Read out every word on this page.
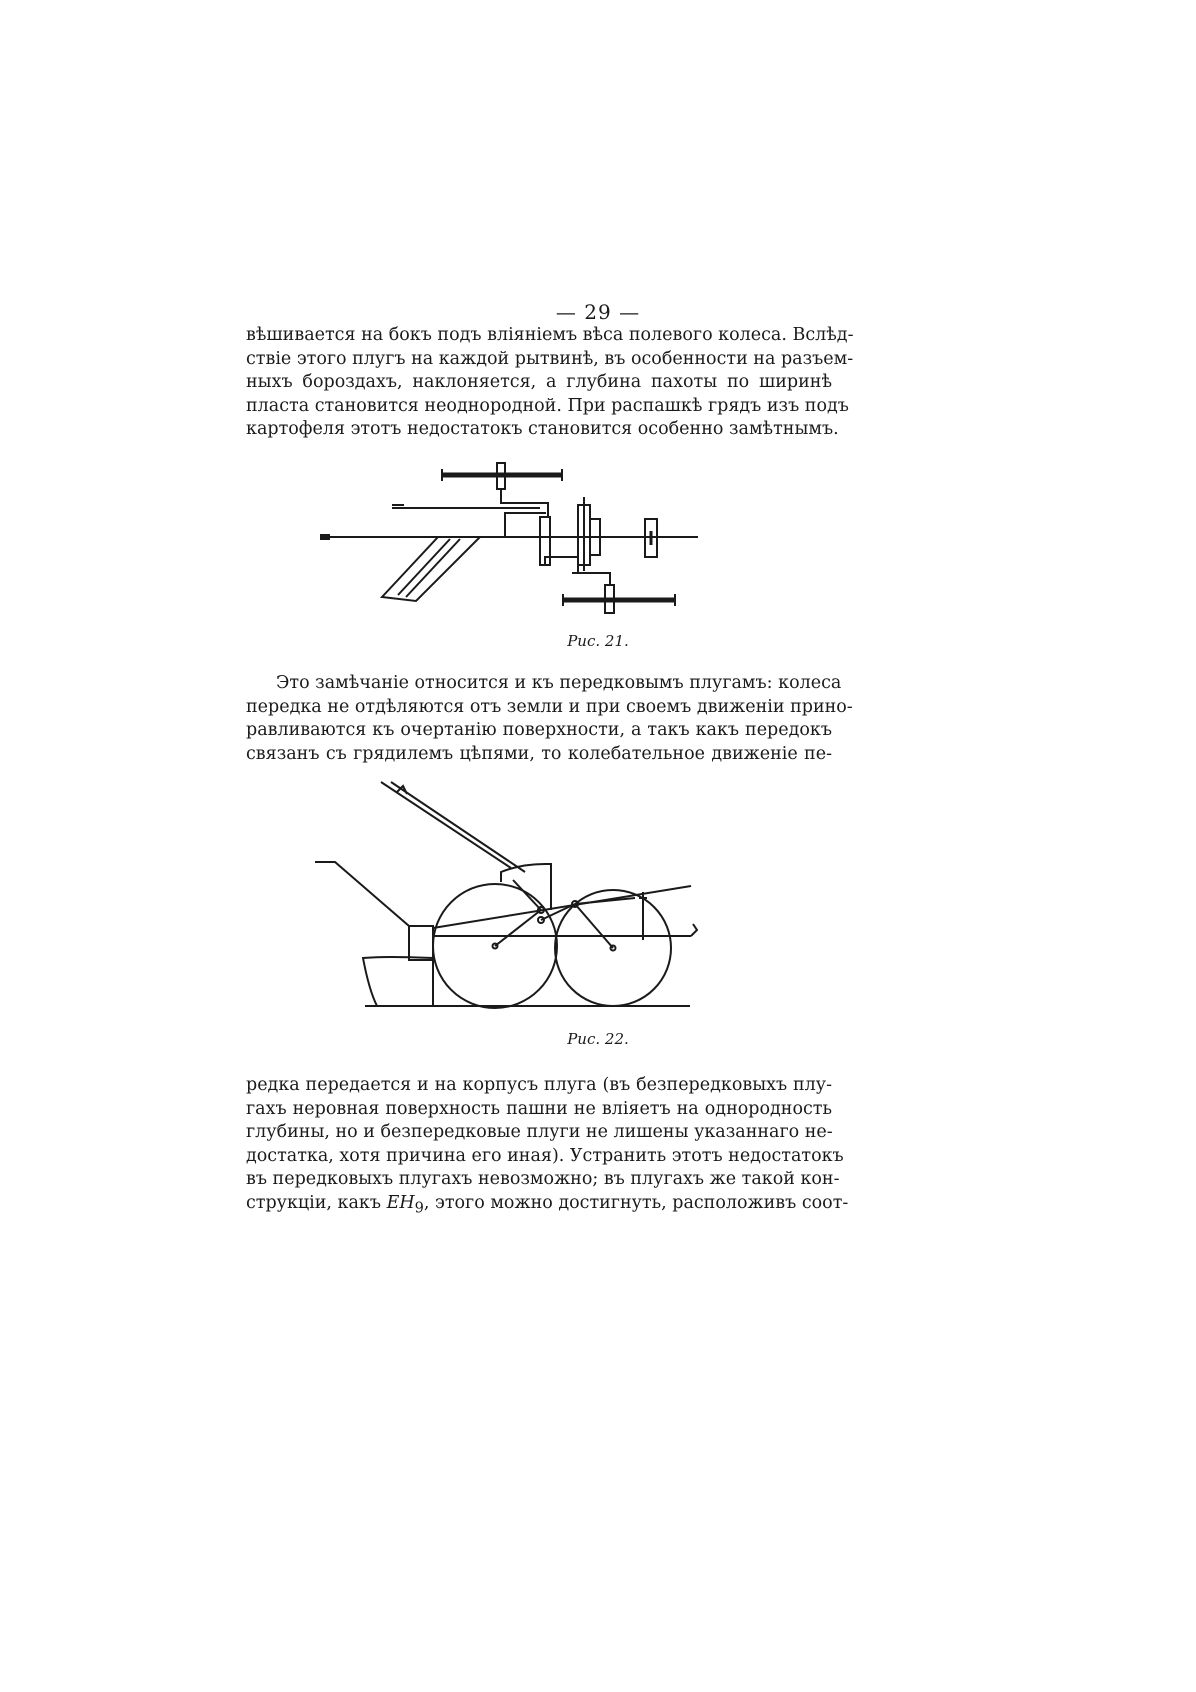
— 29 —

вѣшивается на бокъ подъ вліяніемъ вѣса полевого колеса. Вслѣд-
ствіе этого плугъ на каждой рытвинѣ, въ особенности на разъем-
ныхъ бороздахъ, наклоняется, а глубина пахоты по ширинѣ
пласта становится неоднородной. При распашкѣ грядъ изъ подъ
картофеля этотъ недостатокъ становится особенно замѣтнымъ.

Рис. 21.

Это замѣчаніе относится и къ передковымъ плугамъ: колеса
передка не отдѣляются отъ земли и при своемъ движеніи прино-
равливаются къ очертанію поверхности, а такъ какъ передокъ
связанъ съ грядилемъ цѣпями, то колебательное движеніе пе-

Рис. 22.

редка передается и на корпусъ плуга (въ безпередковыхъ плу-
гахъ неровная поверхность пашни не вліяетъ на однородность
глубины, но и безпередковые плуги не лишены указаннаго не-
достатка, хотя причина его иная). Устранить этотъ недостатокъ
въ передковыхъ плугахъ невозможно; въ плугахъ же такой кон-
струкціи, какъ $EH_9$, этого можно достигнуть, расположивъ соот-
